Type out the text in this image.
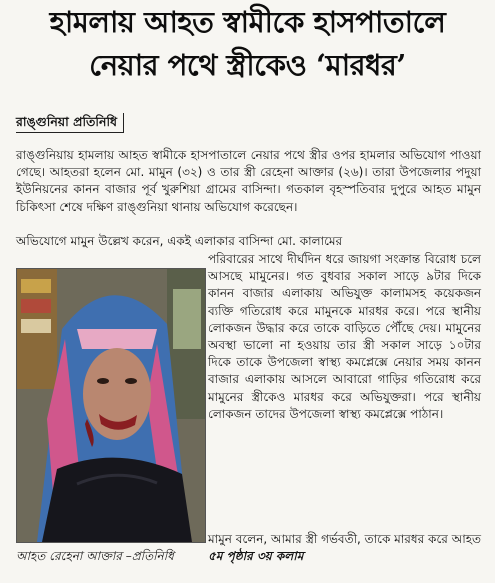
হামলায় আহত স্বামীকে হাসপাতালে
নেয়ার পথে স্ত্রীকেও ‘মারধর’
রাঙ্গুনিয়া প্রতিনিধি
রাঙ্গুনিয়ায় হামলায় আহত স্বামীকে হাসপাতালে নেয়ার পথে স্ত্রীর ওপর হামলার অভিযোগ পাওয়া গেছে। আহতরা হলেন মো. মামুন (৩২) ও তার স্ত্রী রেহেনা আক্তার (২৬)। তারা উপজেলার পদুয়া ইউনিয়নের কানন বাজার পূর্ব খুরুশিয়া গ্রামের বাসিন্দা। গতকাল বৃহস্পতিবার দুপুরে আহত মামুন চিকিৎসা শেষে দক্ষিণ রাঙ্গুনিয়া থানায় অভিযোগ করেছেন।
অভিযোগে মামুন উল্লেখ করেন, একই এলাকার বাসিন্দা মো. কালামের
পরিবারের সাথে দীর্ঘদিন ধরে জায়গা সংক্রান্ত বিরোধ চলে আসছে মামুনের। গত বুধবার সকাল সাড়ে ৯টার দিকে কানন বাজার এলাকায় অভিযুক্ত কালামসহ কয়েকজন ব্যক্তি গতিরোধ করে মামুনকে মারধর করে। পরে স্থানীয় লোকজন উদ্ধার করে তাকে বাড়িতে পৌঁছে দেয়। মামুনের অবস্থা ভালো না হওয়ায় তার স্ত্রী সকাল সাড়ে ১০টার দিকে তাকে উপজেলা স্বাস্থ্য কমপ্লেক্সে নেয়ার সময় কানন বাজার এলাকায় আসলে আবারো গাড়ির গতিরোধ করে মামুনের স্ত্রীকেও মারধর করে অভিযুক্তরা। পরে স্থানীয় লোকজন তাদের উপজেলা স্বাস্থ্য কমপ্লেক্সে পাঠান।
মামুন বলেন, আমার স্ত্রী গর্ভবতী, তাকে মারধর করে আহত ৫ম পৃষ্ঠার ৩য় কলাম
আহত রেহেনা আক্তার –প্রতিনিধি
